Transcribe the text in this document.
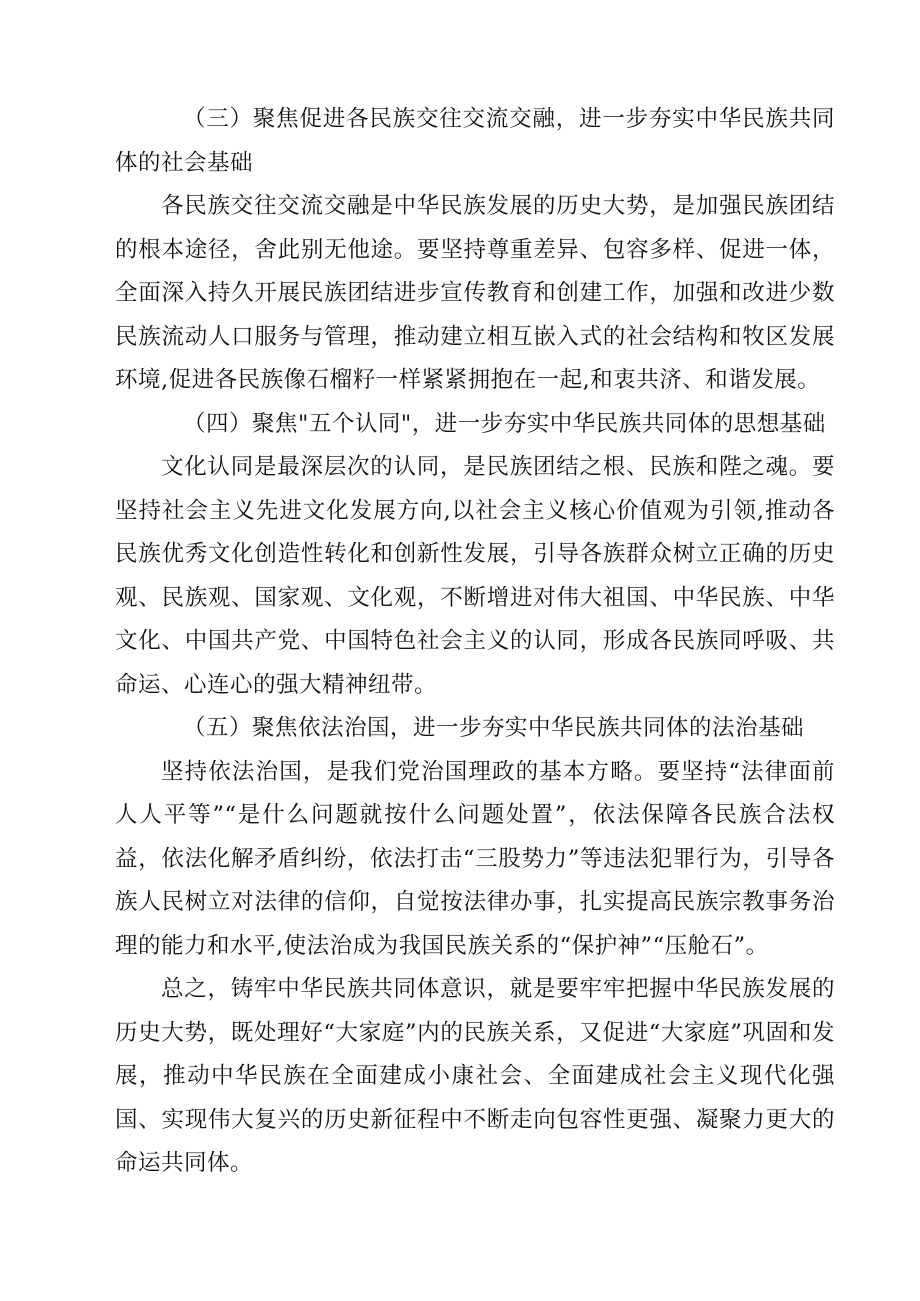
（三）聚焦促进各民族交往交流交融，进一步夯实中华民族共同体的社会基础

各民族交往交流交融是中华民族发展的历史大势，是加强民族团结的根本途径，舍此别无他途。要坚持尊重差异、包容多样、促进一体，全面深入持久开展民族团结进步宣传教育和创建工作，加强和改进少数民族流动人口服务与管理，推动建立相互嵌入式的社会结构和牧区发展环境,促进各民族像石榴籽一样紧紧拥抱在一起,和衷共济、和谐发展。

（四）聚焦"五个认同"，进一步夯实中华民族共同体的思想基础

文化认同是最深层次的认同，是民族团结之根、民族和陛之魂。要坚持社会主义先进文化发展方向,以社会主义核心价值观为引领,推动各民族优秀文化创造性转化和创新性发展，引导各族群众树立正确的历史观、民族观、国家观、文化观，不断增进对伟大祖国、中华民族、中华文化、中国共产党、中国特色社会主义的认同，形成各民族同呼吸、共命运、心连心的强大精神纽带。

（五）聚焦依法治国，进一步夯实中华民族共同体的法治基础

坚持依法治国，是我们党治国理政的基本方略。要坚持“法律面前人人平等”“是什么问题就按什么问题处置”，依法保障各民族合法权益，依法化解矛盾纠纷，依法打击“三股势力”等违法犯罪行为，引导各族人民树立对法律的信仰，自觉按法律办事，扎实提高民族宗教事务治理的能力和水平,使法治成为我国民族关系的“保护神”“压舱石”。

总之，铸牢中华民族共同体意识，就是要牢牢把握中华民族发展的历史大势，既处理好“大家庭”内的民族关系，又促进“大家庭”巩固和发展，推动中华民族在全面建成小康社会、全面建成社会主义现代化强国、实现伟大复兴的历史新征程中不断走向包容性更强、凝聚力更大的命运共同体。
